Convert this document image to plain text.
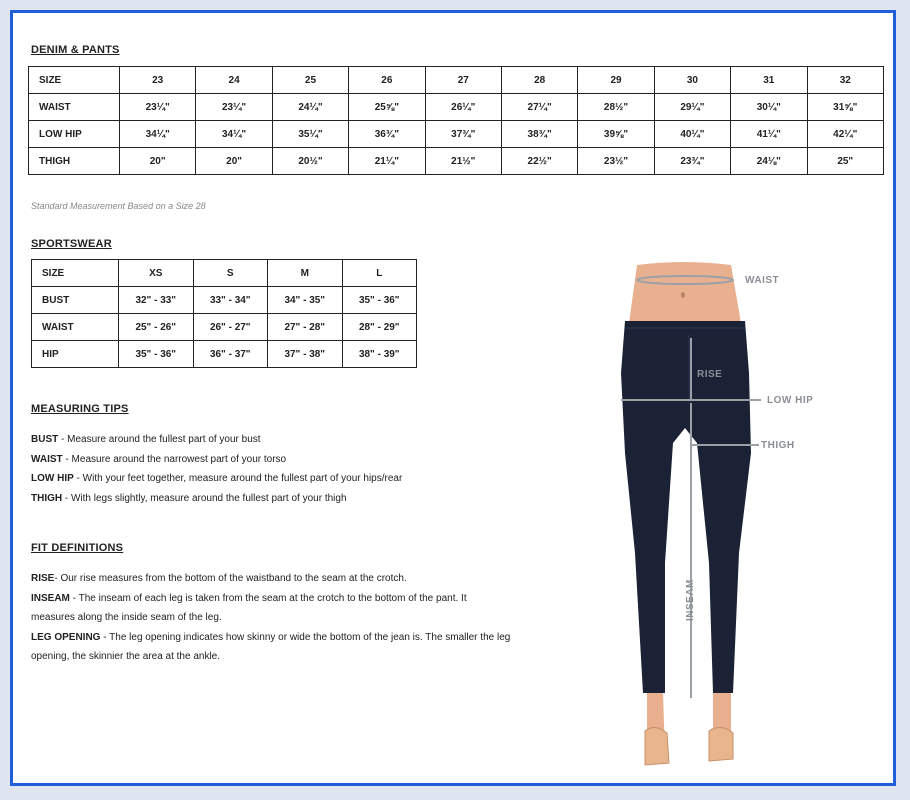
DENIM & PANTS
SIZE	23	24	25	26	27	28	29	30	31	32
WAIST	23¼"	23¼"	24¼"	25⅝"	26¼"	27¼"	28½"	29¼"	30¼"	31⅝"
LOW HIP	34¼"	34¼"	35¼"	36¾"	37¾"	38¾"	39⅝"	40¼"	41¼"	42¼"
THIGH	20"	20"	20½"	21¼"	21½"	22½"	23½"	23¾"	24⅛"	25"
Standard Measurement Based on a Size 28
SPORTSWEAR
SIZE	XS	S	M	L
BUST	32" - 33"	33" - 34"	34" - 35"	35" - 36"
WAIST	25" - 26"	26" - 27"	27" - 28"	28" - 29"
HIP	35" - 36"	36" - 37"	37" - 38"	38" - 39"
MEASURING TIPS
BUST - Measure around the fullest part of your bust
WAIST - Measure around the narrowest part of your torso
LOW HIP - With your feet together, measure around the fullest part of your hips/rear
THIGH - With legs slightly, measure around the fullest part of your thigh
FIT DEFINITIONS
RISE- Our rise measures from the bottom of the waistband to the seam at the crotch.
INSEAM - The inseam of each leg is taken from the seam at the crotch to the bottom of the pant. It measures along the inside seam of the leg.
LEG OPENING - The leg opening indicates how skinny or wide the bottom of the jean is. The smaller the leg opening, the skinnier the area at the ankle.
WAIST
RISE
LOW HIP
THIGH
INSEAM
